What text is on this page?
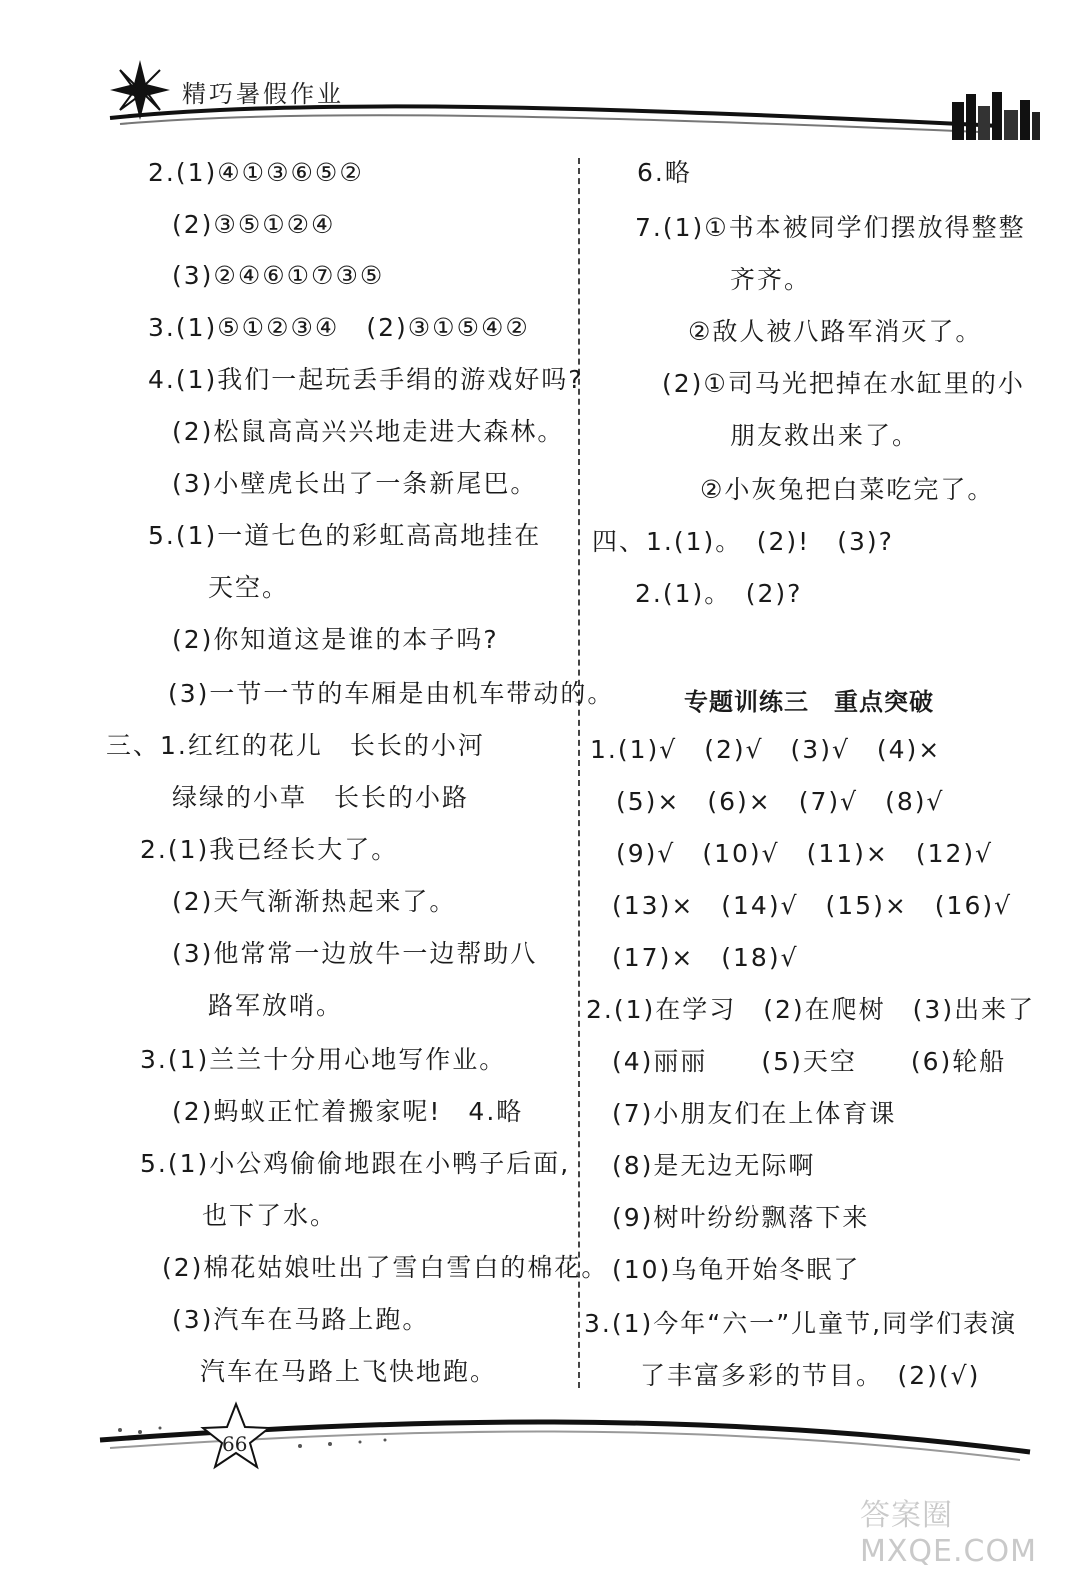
精巧暑假作业
2.(1)④①③⑥⑤②
(2)③⑤①②④
(3)②④⑥①⑦③⑤
3.(1)⑤①②③④　(2)③①⑤④②
4.(1)我们一起玩丢手绢的游戏好吗?
(2)松鼠高高兴兴地走进大森林。
(3)小壁虎长出了一条新尾巴。
5.(1)一道七色的彩虹高高地挂在
天空。
(2)你知道这是谁的本子吗?
(3)一节一节的车厢是由机车带动的。
三、1.红红的花儿　长长的小河
绿绿的小草　长长的小路
2.(1)我已经长大了。
(2)天气渐渐热起来了。
(3)他常常一边放牛一边帮助八
路军放哨。
3.(1)兰兰十分用心地写作业。
(2)蚂蚁正忙着搬家呢!　4.略
5.(1)小公鸡偷偷地跟在小鸭子后面,
也下了水。
(2)棉花姑娘吐出了雪白雪白的棉花。
(3)汽车在马路上跑。
汽车在马路上飞快地跑。
6.略
7.(1)①书本被同学们摆放得整整
齐齐。
②敌人被八路军消灭了。
(2)①司马光把掉在水缸里的小
朋友救出来了。
②小灰兔把白菜吃完了。
四、1.(1)。　(2)!　(3)?
2.(1)。　(2)?
1.(1)√　(2)√　(3)√　(4)×
(5)×　(6)×　(7)√　(8)√
(9)√　(10)√　(11)×　(12)√
(13)×　(14)√　(15)×　(16)√
(17)×　(18)√
2.(1)在学习　(2)在爬树　(3)出来了
(4)丽丽　　(5)天空　　(6)轮船
(7)小朋友们在上体育课
(8)是无边无际啊
(9)树叶纷纷飘落下来
(10)乌龟开始冬眠了
3.(1)今年“六一”儿童节,同学们表演
了丰富多彩的节目。　(2)(√)
专题训练三　重点突破
66
答案圈 MXQE.COM
